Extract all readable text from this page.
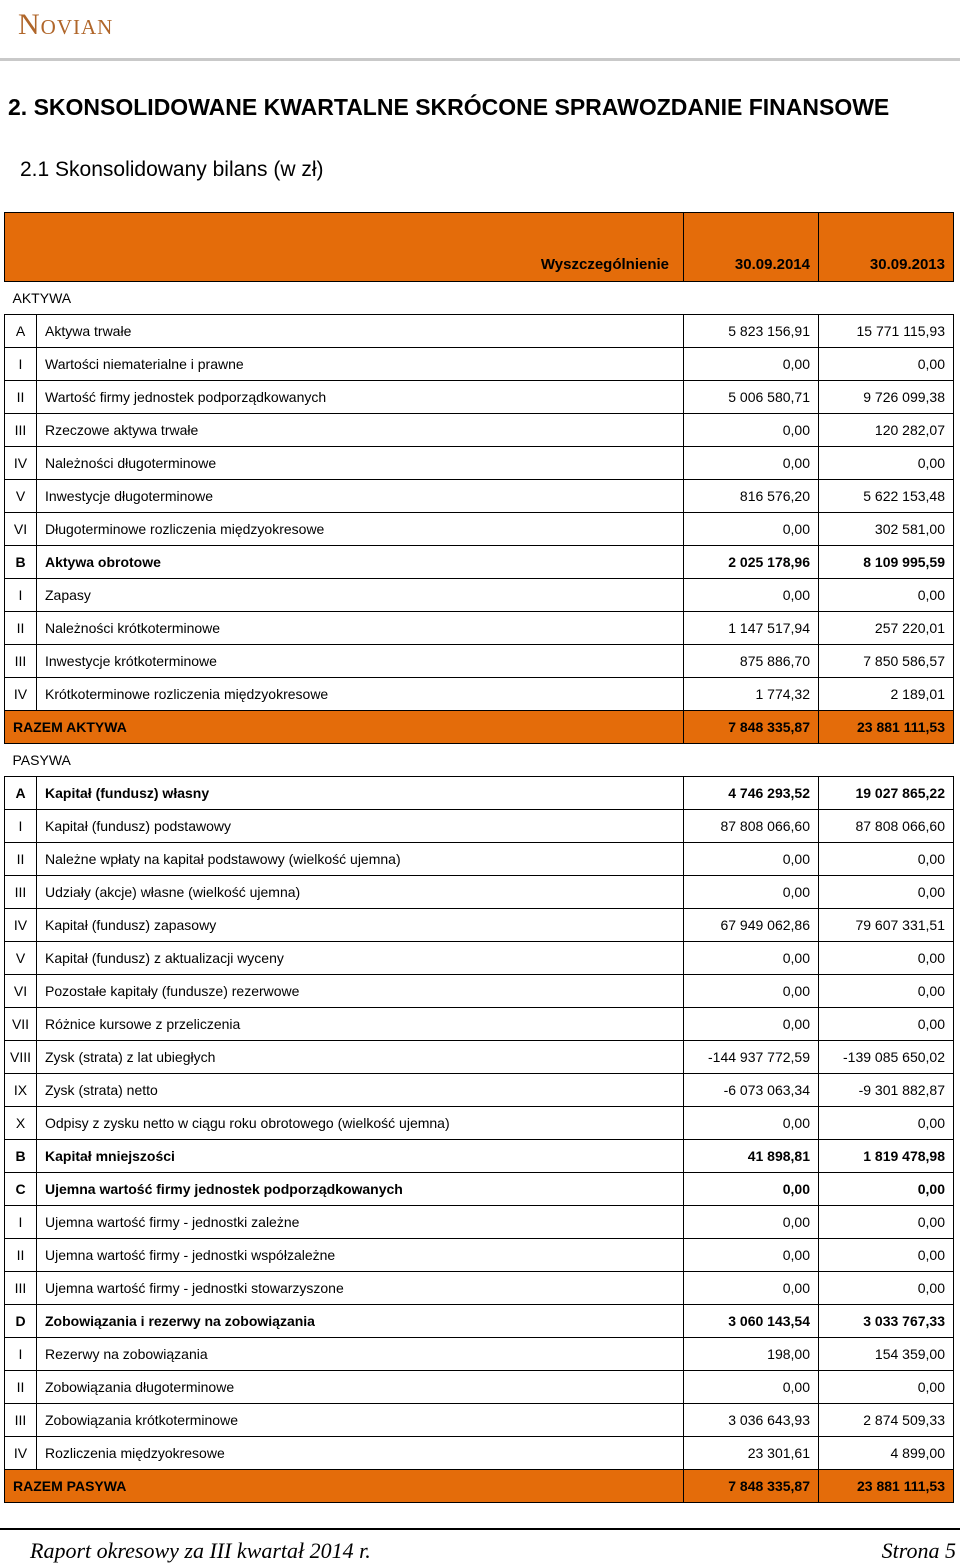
Novian
2. SKONSOLIDOWANE KWARTALNE SKRÓCONE SPRAWOZDANIE FINANSOWE
2.1 Skonsolidowany bilans (w zł)
	Wyszczególnienie	30.09.2014	30.09.2013
AKTYWA			
A	Aktywa trwałe	5 823 156,91	15 771 115,93
I	Wartości niematerialne i prawne	0,00	0,00
II	Wartość firmy jednostek podporządkowanych	5 006 580,71	9 726 099,38
III	Rzeczowe aktywa trwałe	0,00	120 282,07
IV	Należności długoterminowe	0,00	0,00
V	Inwestycje długoterminowe	816 576,20	5 622 153,48
VI	Długoterminowe rozliczenia międzyokresowe	0,00	302 581,00
B	Aktywa obrotowe	2 025 178,96	8 109 995,59
I	Zapasy	0,00	0,00
II	Należności krótkoterminowe	1 147 517,94	257 220,01
III	Inwestycje krótkoterminowe	875 886,70	7 850 586,57
IV	Krótkoterminowe rozliczenia międzyokresowe	1 774,32	2 189,01
RAZEM AKTYWA		7 848 335,87	23 881 111,53
PASYWA			
A	Kapitał (fundusz) własny	4 746 293,52	19 027 865,22
I	Kapitał (fundusz) podstawowy	87 808 066,60	87 808 066,60
II	Należne wpłaty na kapitał podstawowy (wielkość ujemna)	0,00	0,00
III	Udziały (akcje) własne (wielkość ujemna)	0,00	0,00
IV	Kapitał (fundusz) zapasowy	67 949 062,86	79 607 331,51
V	Kapitał (fundusz) z aktualizacji wyceny	0,00	0,00
VI	Pozostałe kapitały (fundusze) rezerwowe	0,00	0,00
VII	Różnice kursowe z przeliczenia	0,00	0,00
VIII	Zysk (strata) z lat ubiegłych	-144 937 772,59	-139 085 650,02
IX	Zysk (strata) netto	-6 073 063,34	-9 301 882,87
X	Odpisy z zysku netto w ciągu roku obrotowego (wielkość ujemna)	0,00	0,00
B	Kapitał mniejszości	41 898,81	1 819 478,98
C	Ujemna wartość firmy jednostek podporządkowanych	0,00	0,00
I	Ujemna wartość firmy - jednostki zależne	0,00	0,00
II	Ujemna wartość firmy - jednostki współzależne	0,00	0,00
III	Ujemna wartość firmy - jednostki stowarzyszone	0,00	0,00
D	Zobowiązania i rezerwy na zobowiązania	3 060 143,54	3 033 767,33
I	Rezerwy na zobowiązania	198,00	154 359,00
II	Zobowiązania długoterminowe	0,00	0,00
III	Zobowiązania krótkoterminowe	3 036 643,93	2 874 509,33
IV	Rozliczenia międzyokresowe	23 301,61	4 899,00
RAZEM PASYWA		7 848 335,87	23 881 111,53
Raport okresowy za III kwartał 2014 r.	Strona 5
